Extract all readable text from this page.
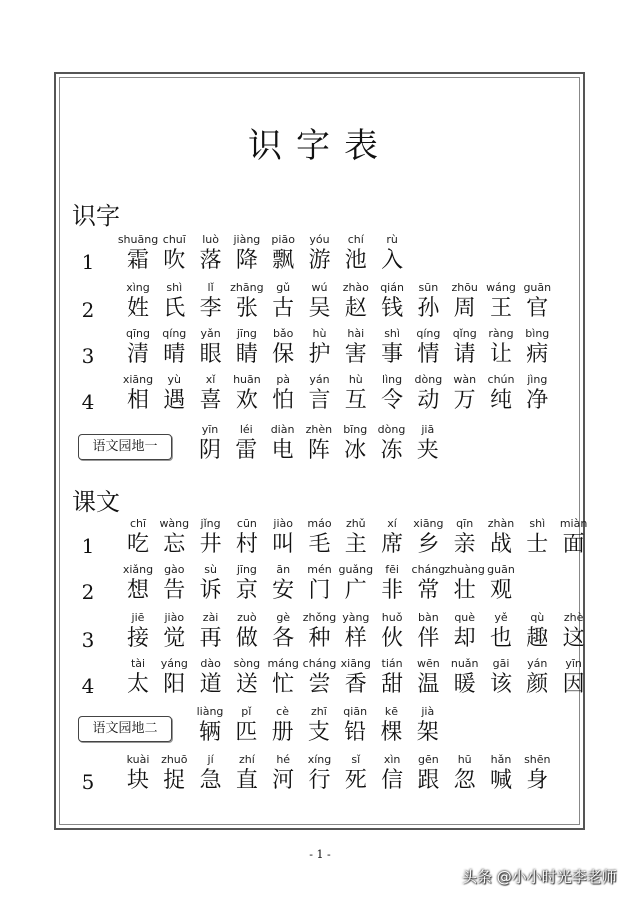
识字表
识字
1
shuāng
霜
chuī
吹
luò
落
jiàng
降
piāo
飘
yóu
游
chí
池
rù
入
2
xìng
姓
shì
氏
lǐ
李
zhāng
张
gǔ
古
wú
吴
zhào
赵
qián
钱
sūn
孙
zhōu
周
wáng
王
guān
官
3
qīng
清
qíng
晴
yǎn
眼
jīng
睛
bǎo
保
hù
护
hài
害
shì
事
qíng
情
qǐng
请
ràng
让
bìng
病
4
xiāng
相
yù
遇
xǐ
喜
huān
欢
pà
怕
yán
言
hù
互
lìng
令
dòng
动
wàn
万
chún
纯
jìng
净
语文园地一
yīn
阴
léi
雷
diàn
电
zhèn
阵
bīng
冰
dòng
冻
jiā
夹
课文
1
chī
吃
wàng
忘
jǐng
井
cūn
村
jiào
叫
máo
毛
zhǔ
主
xí
席
xiāng
乡
qīn
亲
zhàn
战
shì
士
miàn
面
2
xiǎng
想
gào
告
sù
诉
jīng
京
ān
安
mén
门
guǎng
广
fēi
非
cháng
常
zhuàng
壮
guān
观
3
jiē
接
jiào
觉
zài
再
zuò
做
gè
各
zhǒng
种
yàng
样
huǒ
伙
bàn
伴
què
却
yě
也
qù
趣
zhè
这
4
tài
太
yáng
阳
dào
道
sòng
送
máng
忙
cháng
尝
xiāng
香
tián
甜
wēn
温
nuǎn
暖
gāi
该
yán
颜
yīn
因
语文园地二
liàng
辆
pǐ
匹
cè
册
zhī
支
qiān
铅
kē
棵
jià
架
5
kuài
块
zhuō
捉
jí
急
zhí
直
hé
河
xíng
行
sǐ
死
xìn
信
gēn
跟
hū
忽
hǎn
喊
shēn
身
- 1 -
头条 @小小时光李老师
